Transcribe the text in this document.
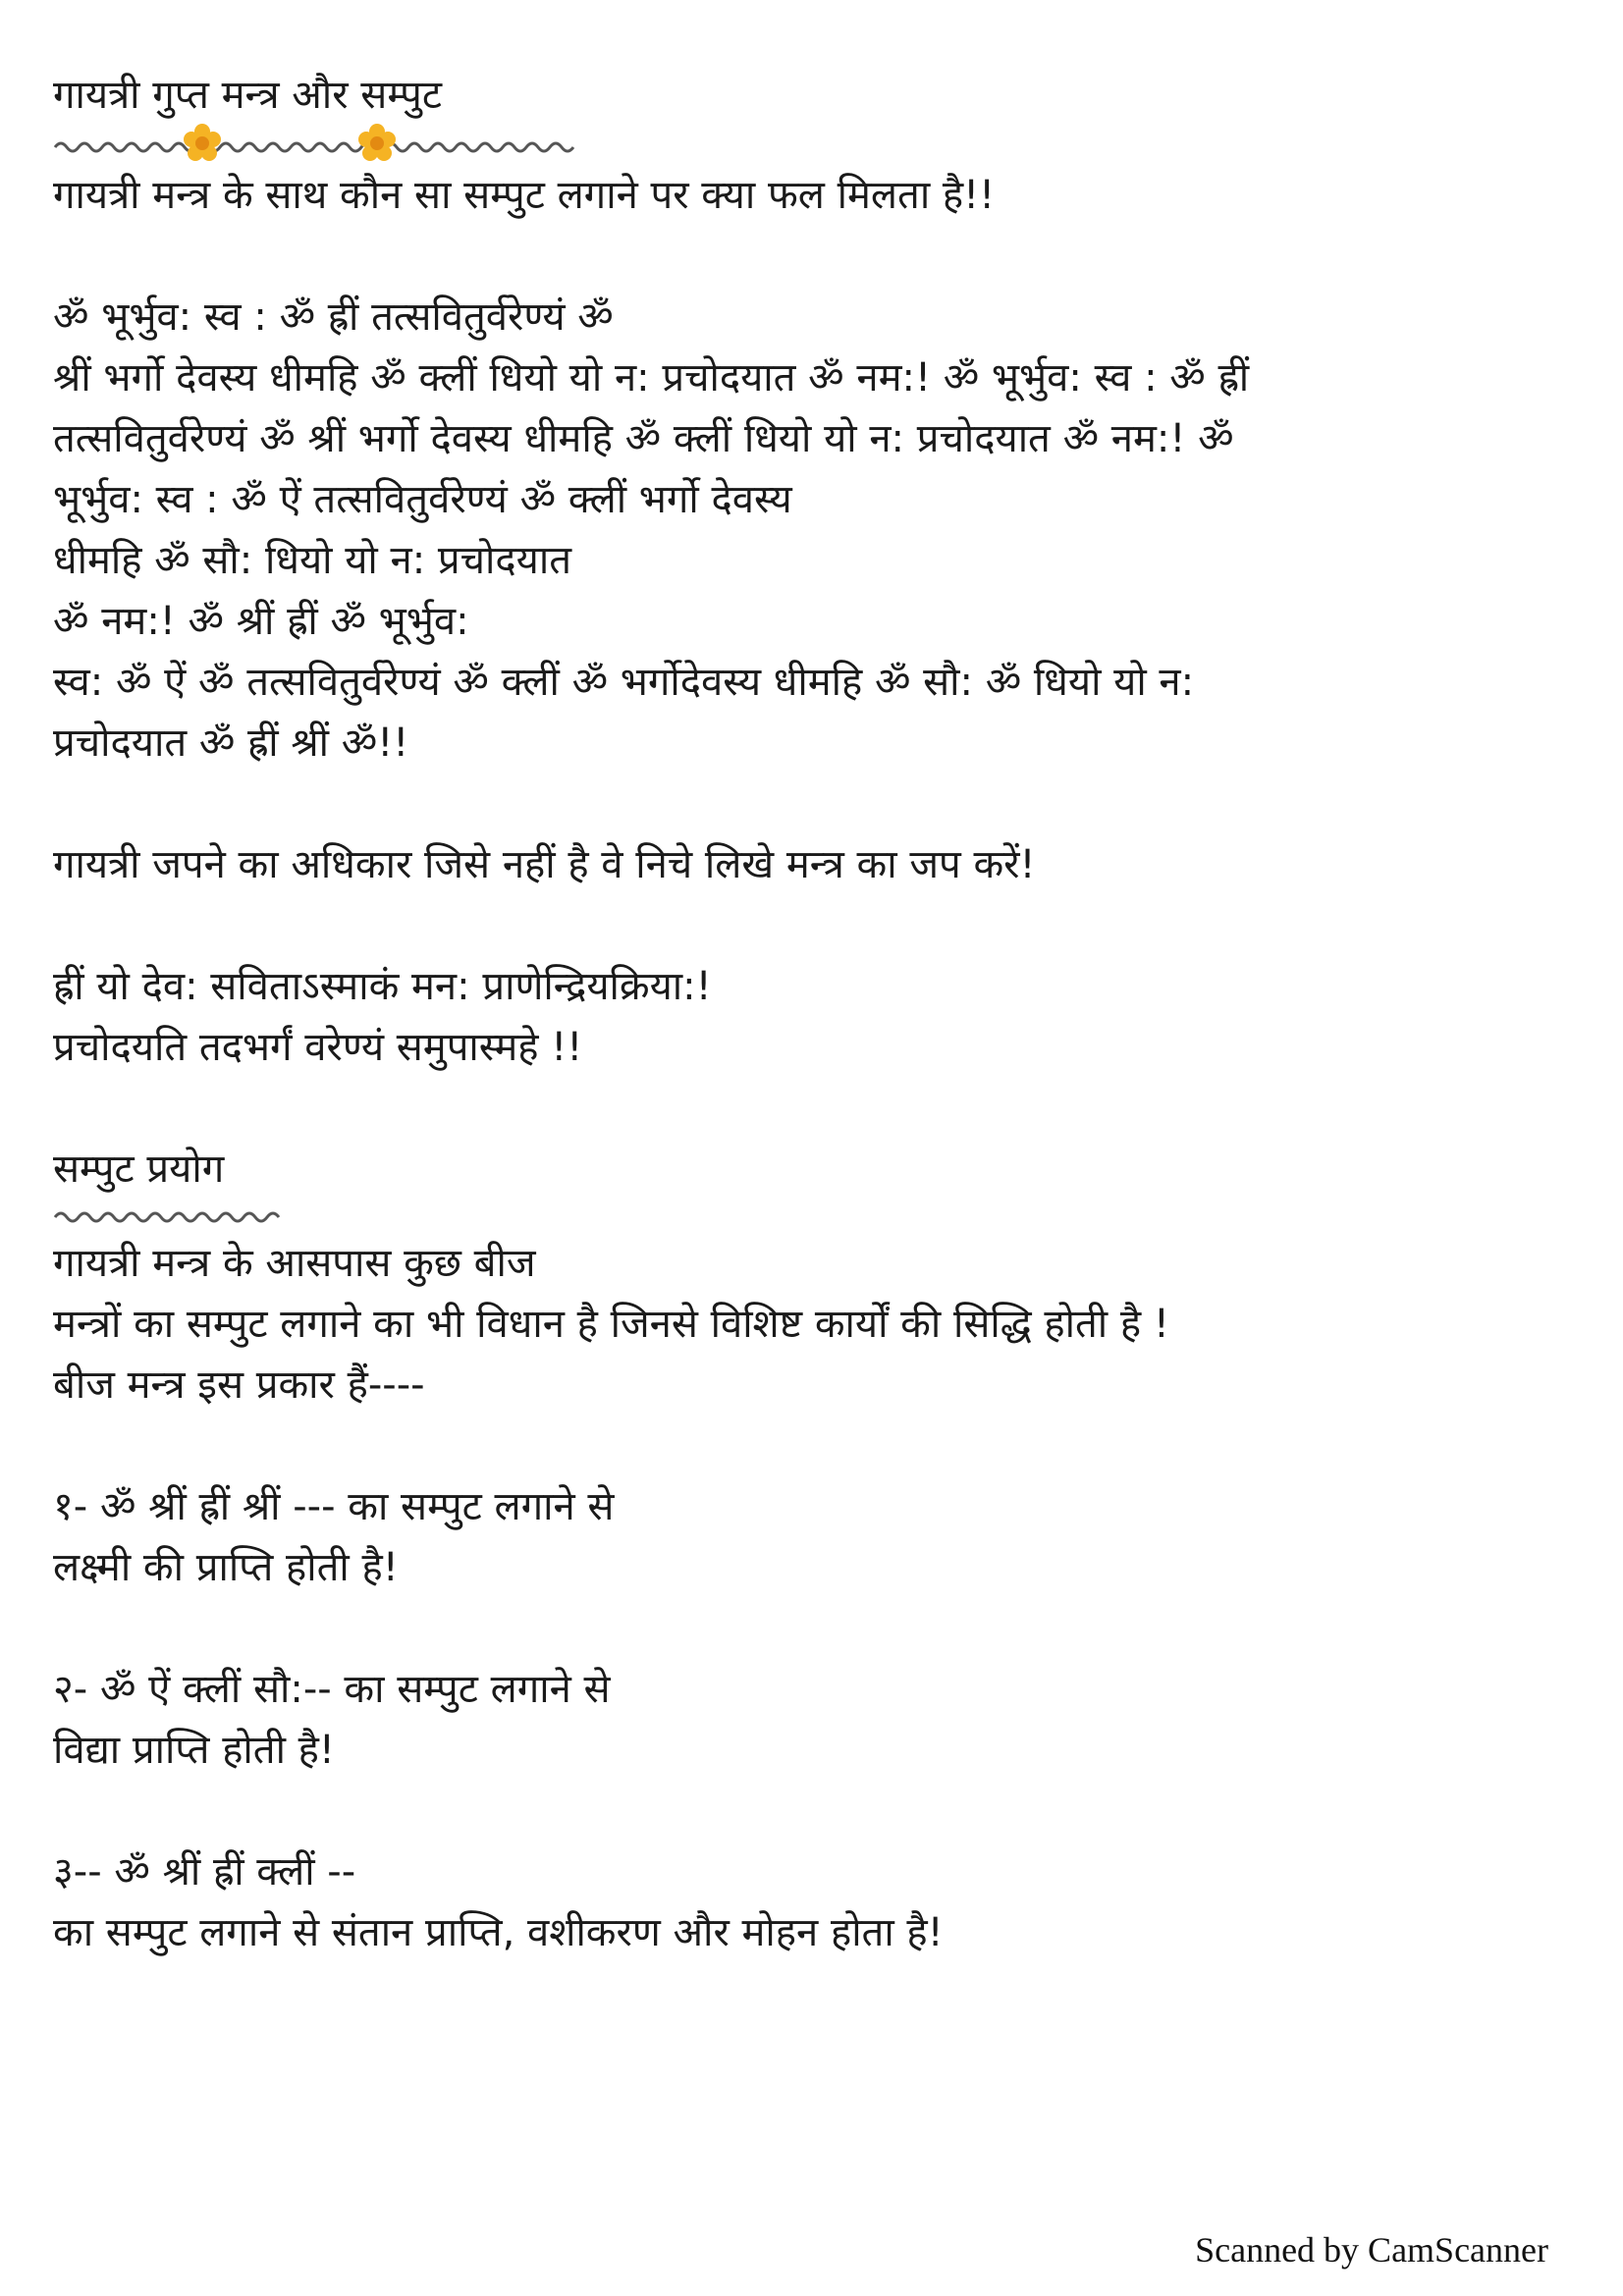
गायत्री गुप्त मन्त्र और सम्पुट

गायत्री मन्त्र के साथ कौन सा सम्पुट लगाने पर क्या फल मिलता है!!

ॐ भूर्भुव: स्व : ॐ ह्रीं तत्सवितुर्वरेण्यं ॐ

श्रीं भर्गो देवस्य धीमहि ॐ क्लीं धियो यो न: प्रचोदयात ॐ नम:! ॐ भूर्भुव: स्व : ॐ ह्रीं

तत्सवितुर्वरेण्यं ॐ श्रीं भर्गो देवस्य धीमहि ॐ क्लीं धियो यो न: प्रचोदयात ॐ नम:! ॐ

भूर्भुव: स्व : ॐ ऐं तत्सवितुर्वरेण्यं ॐ क्लीं भर्गो देवस्य

धीमहि ॐ सौ: धियो यो न: प्रचोदयात

ॐ नम:! ॐ श्रीं ह्रीं ॐ भूर्भुव:

स्व: ॐ ऐं ॐ तत्सवितुर्वरेण्यं ॐ क्लीं ॐ भर्गोदेवस्य धीमहि ॐ सौ: ॐ धियो यो न:

प्रचोदयात ॐ ह्रीं श्रीं ॐ!!

गायत्री जपने का अधिकार जिसे नहीं है वे निचे लिखे मन्त्र का जप करें!

ह्रीं यो देव: सविताऽस्माकं मन: प्राणेन्द्रियक्रिया:!

प्रचोदयति तदभर्गं वरेण्यं समुपास्महे !!

सम्पुट प्रयोग

गायत्री मन्त्र के आसपास कुछ बीज

मन्त्रों का सम्पुट लगाने का भी विधान है जिनसे विशिष्ट कार्यों की सिद्धि होती है !

बीज मन्त्र इस प्रकार हैं----

१- ॐ श्रीं ह्रीं श्रीं --- का सम्पुट लगाने से

लक्ष्मी की प्राप्ति होती है!

२- ॐ ऐं क्लीं सौ:-- का सम्पुट लगाने से

विद्या प्राप्ति होती है!

३-- ॐ श्रीं ह्रीं क्लीं --

का सम्पुट लगाने से संतान प्राप्ति, वशीकरण और मोहन होता है!

Scanned by CamScanner
